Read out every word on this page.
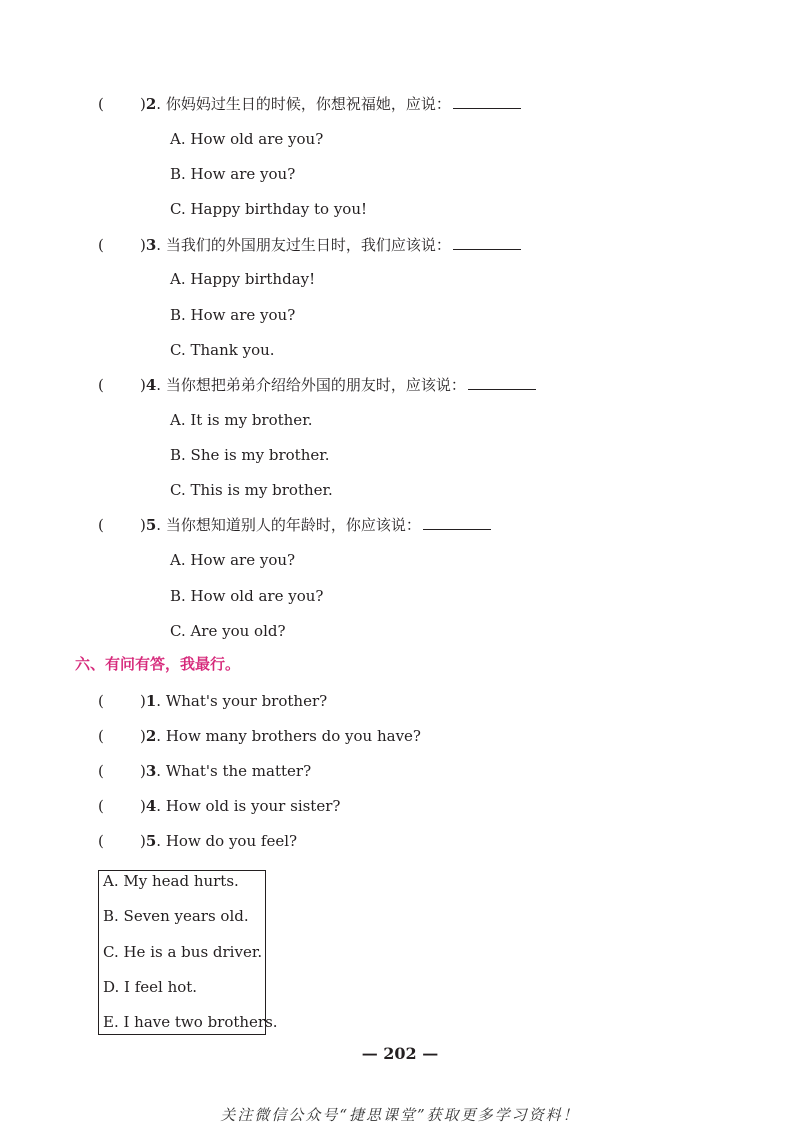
( )2. 你妈妈过生日的时候，你想祝福她，应说：
A. How old are you?
B. How are you?
C. Happy birthday to you!
( )3. 当我们的外国朋友过生日时，我们应该说：
A. Happy birthday!
B. How are you?
C. Thank you.
( )4. 当你想把弟弟介绍给外国的朋友时，应该说：
A. It is my brother.
B. She is my brother.
C. This is my brother.
( )5. 当你想知道别人的年龄时，你应该说：
A. How are you?
B. How old are you?
C. Are you old?
六、有问有答，我最行。
( )1. What's your brother?
( )2. How many brothers do you have?
( )3. What's the matter?
( )4. How old is your sister?
( )5. How do you feel?
A. My head hurts.
B. Seven years old.
C. He is a bus driver.
D. I feel hot.
E. I have two brothers.
— 202 —
关注微信公众号“捷思课堂”获取更多学习资料！
